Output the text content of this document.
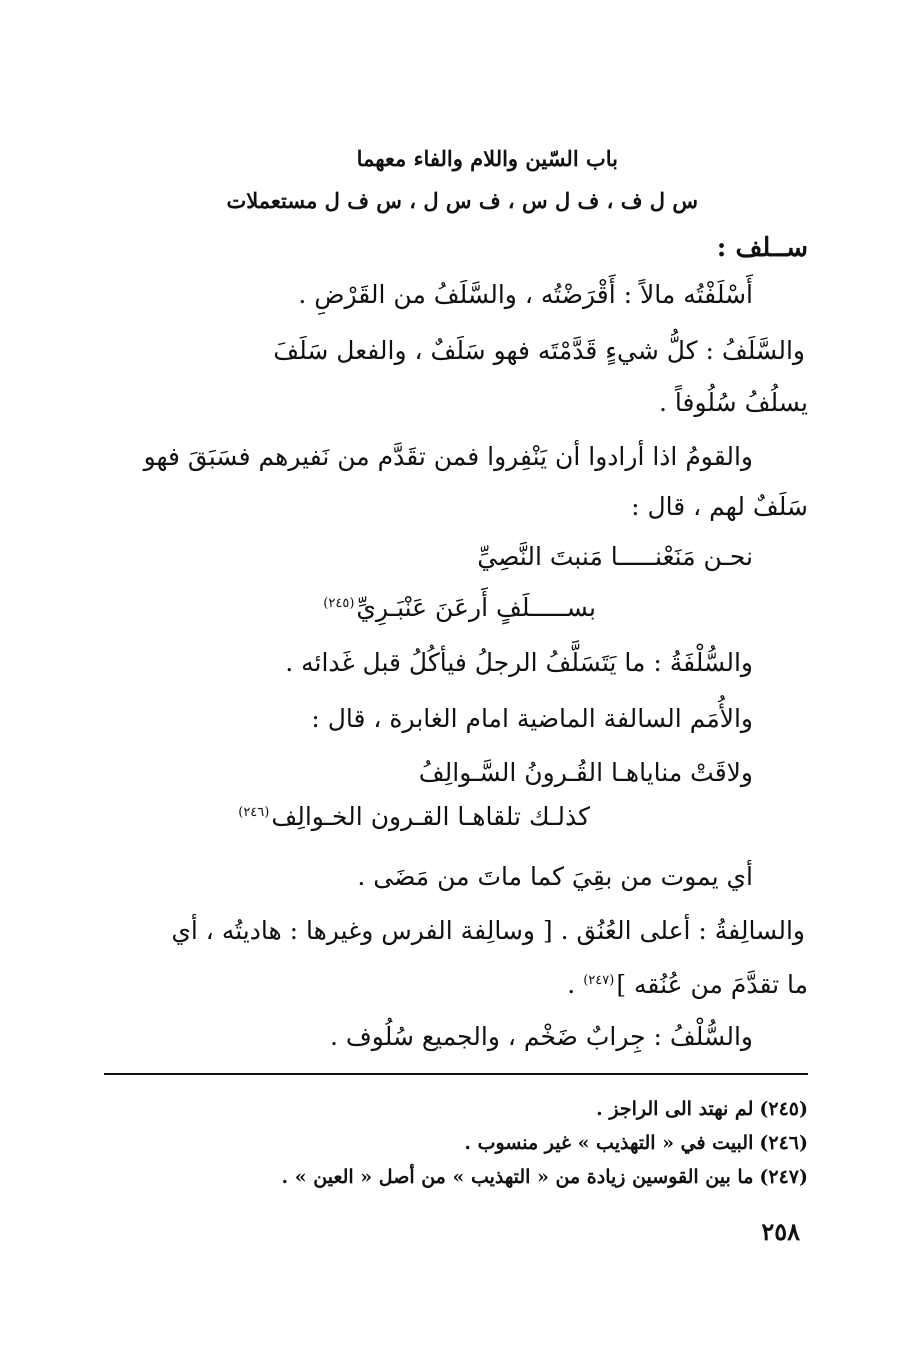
باب السّين واللام والفاء معهما
س ل ف ، ف ل س ، ف س ل ، س ف ل مستعملات
ســلف :
أَسْلَفْتُه مالاً : أَقْرَضْتُه ، والسَّلَفُ من القَرْضِ .
والسَّلَفُ : كلُّ شيءٍ قَدَّمْتَه فهو سَلَفٌ ، والفعل سَلَفَ
يسلُفُ سُلُوفاً .
والقومُ اذا أرادوا أن يَنْفِروا فمن تقَدَّم من نَفيرهم فسَبَقَ فهو
سَلَفٌ لهم ، قال :
نحـن مَنَعْنـــــا مَنبتَ النَّصِيِّ
بســـــلَفٍ أَرعَنَ عَنْبَـرِيِّ$^{(٢٤٥)}$
والسُّلْفَةُ : ما يَتَسَلَّفُ الرجلُ فيأكُلُ قبل غَدائه .
والأُمَم السالفة الماضية امام الغابرة ، قال :
ولاقَتْ مناياهـا القُـرونُ السَّـوالِفُ
كذلـك تلقاهـا القـرون الخـوالِف$^{(٢٤٦)}$
أي يموت من بقِيَ كما ماتَ من مَضَى .
والسالِفةُ : أعلى العُنُق . [ وسالِفة الفرس وغيرها : هاديتُه ، أي
ما تقدَّمَ من عُنُقه ]$^{(٢٤٧)}$ .
والسُّلْفُ : جِرابٌ ضَخْم ، والجميع سُلُوف .
(٢٤٥)لم نهتد الى الراجز .
(٢٤٦)البيت في « التهذيب » غير منسوب .
(٢٤٧)ما بين القوسين زيادة من « التهذيب » من أصل « العين » .
٢٥٨
